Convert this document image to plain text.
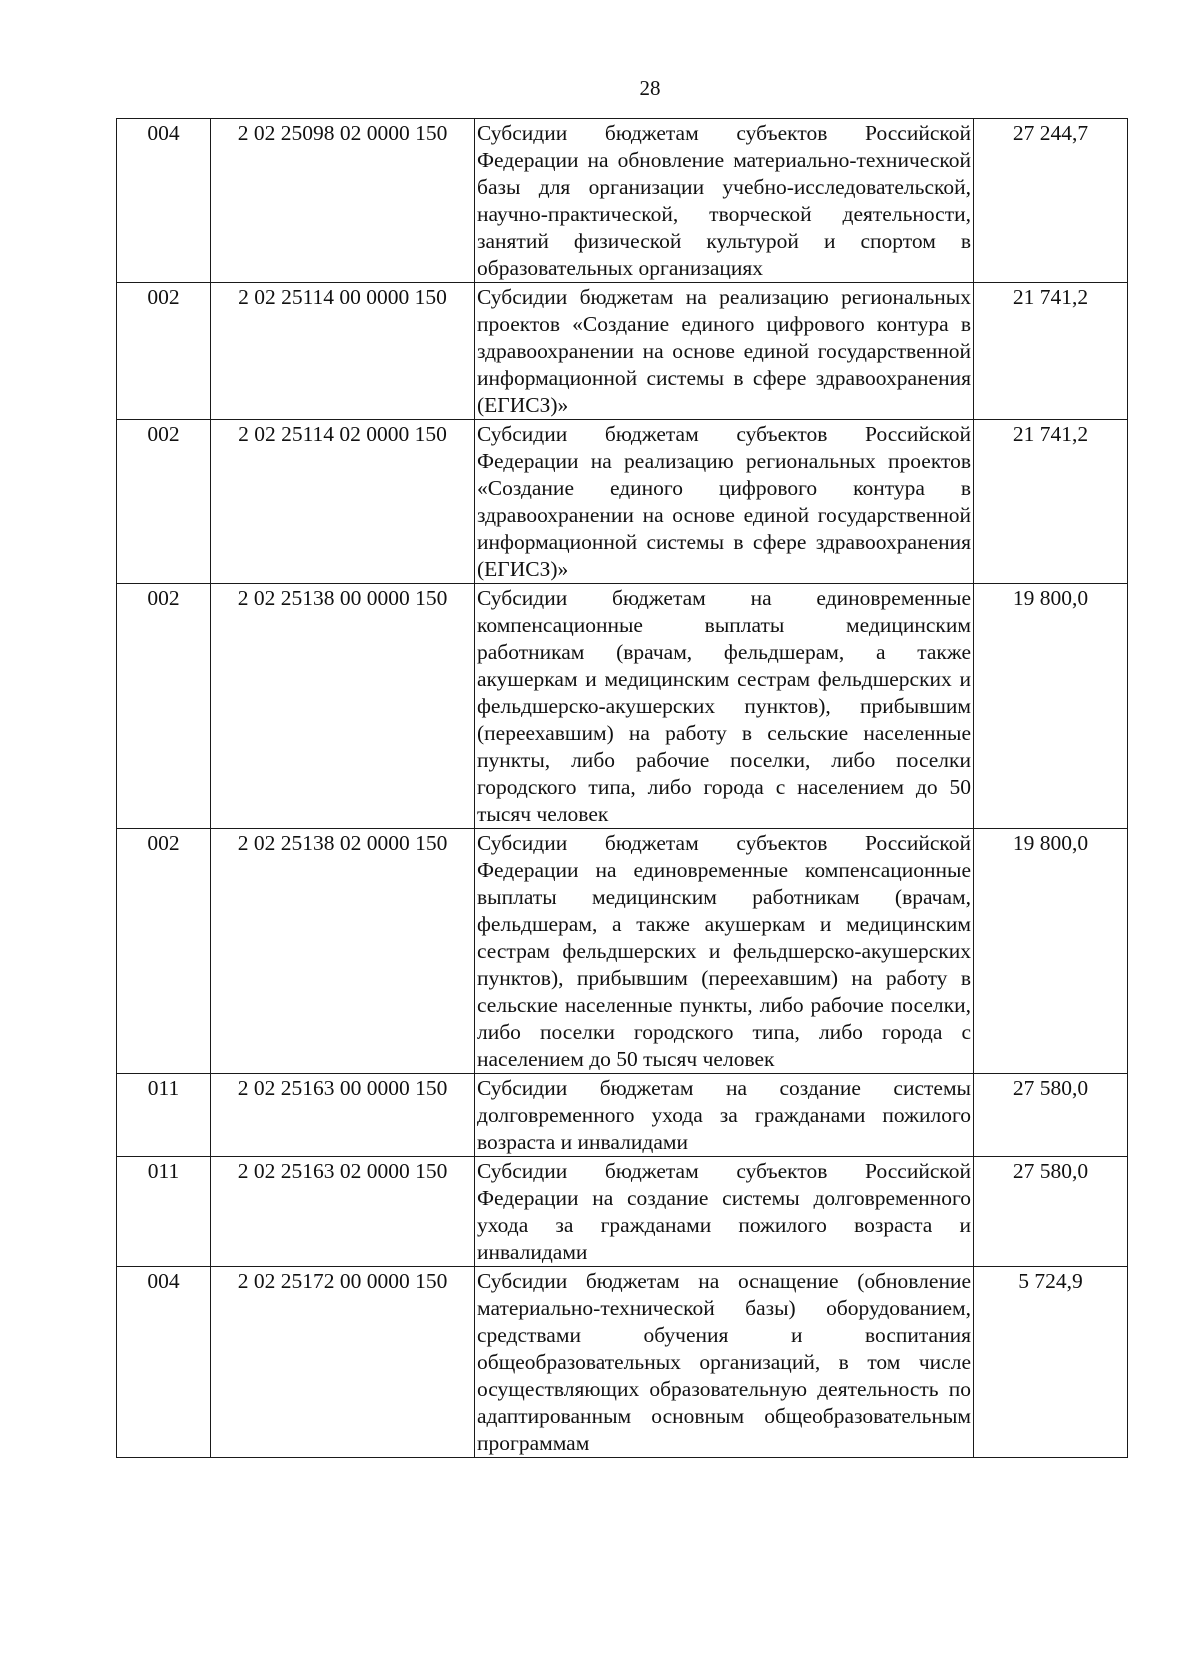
28
004	2 02 25098 02 0000 150	Субсидии бюджетам субъектов Российской Федерации на обновление материально-технической базы для организации учебно-исследовательской, научно-практической, творческой деятельности, занятий физической культурой и спортом в образовательных организациях	27 244,7
002	2 02 25114 00 0000 150	Субсидии бюджетам на реализацию региональных проектов «Создание единого цифрового контура в здравоохранении на основе единой государственной информационной системы в сфере здравоохранения (ЕГИСЗ)»	21 741,2
002	2 02 25114 02 0000 150	Субсидии бюджетам субъектов Российской Федерации на реализацию региональных проектов «Создание единого цифрового контура в здравоохранении на основе единой государственной информационной системы в сфере здравоохранения (ЕГИСЗ)»	21 741,2
002	2 02 25138 00 0000 150	Субсидии бюджетам на единовременные компенсационные выплаты медицинским работникам (врачам, фельдшерам, а также акушеркам и медицинским сестрам фельдшерских и фельдшерско-акушерских пунктов), прибывшим (переехавшим) на работу в сельские населенные пункты, либо рабочие поселки, либо поселки городского типа, либо города с населением до 50 тысяч человек	19 800,0
002	2 02 25138 02 0000 150	Субсидии бюджетам субъектов Российской Федерации на единовременные компенсационные выплаты медицинским работникам (врачам, фельдшерам, а также акушеркам и медицинским сестрам фельдшерских и фельдшерско-акушерских пунктов), прибывшим (переехавшим) на работу в сельские населенные пункты, либо рабочие поселки, либо поселки городского типа, либо города с населением до 50 тысяч человек	19 800,0
011	2 02 25163 00 0000 150	Субсидии бюджетам на создание системы долговременного ухода за гражданами пожилого возраста и инвалидами	27 580,0
011	2 02 25163 02 0000 150	Субсидии бюджетам субъектов Российской Федерации на создание системы долговременного ухода за гражданами пожилого возраста и инвалидами	27 580,0
004	2 02 25172 00 0000 150	Субсидии бюджетам на оснащение (обновление материально-технической базы) оборудованием, средствами обучения и воспитания общеобразовательных организаций, в том числе осуществляющих образовательную деятельность по адаптированным основным общеобразовательным программам	5 724,9
